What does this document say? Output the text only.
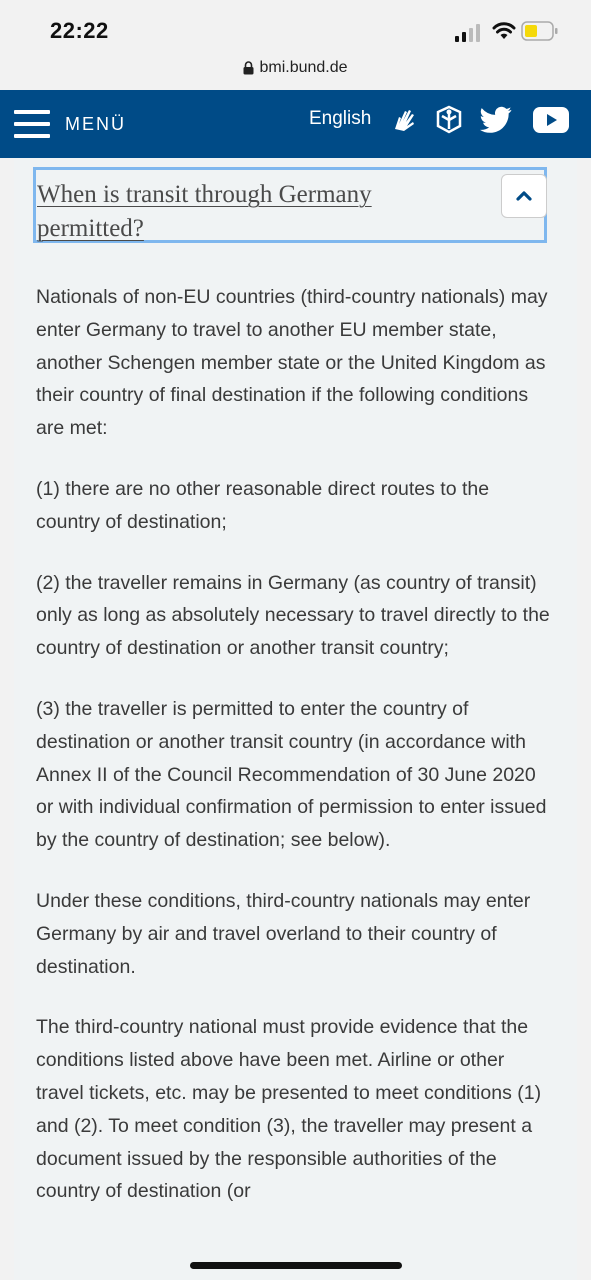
22:22
bmi.bund.de
MENÜ	English
When is transit through Germany permitted?

Nationals of non-EU countries (third-country nationals) may enter Germany to travel to another EU member state, another Schengen member state or the United Kingdom as their country of final destination if the following conditions are met:

(1) there are no other reasonable direct routes to the country of destination;

(2) the traveller remains in Germany (as country of transit) only as long as absolutely necessary to travel directly to the country of destination or another transit country;

(3) the traveller is permitted to enter the country of destination or another transit country (in accordance with Annex II of the Council Recommendation of 30 June 2020 or with individual confirmation of permission to enter issued by the country of destination; see below).

Under these conditions, third-country nationals may enter Germany by air and travel overland to their country of destination.

The third-country national must provide evidence that the conditions listed above have been met. Airline or other travel tickets, etc. may be presented to meet conditions (1) and (2). To meet condition (3), the traveller may present a document issued by the responsible authorities of the country of destination (or
